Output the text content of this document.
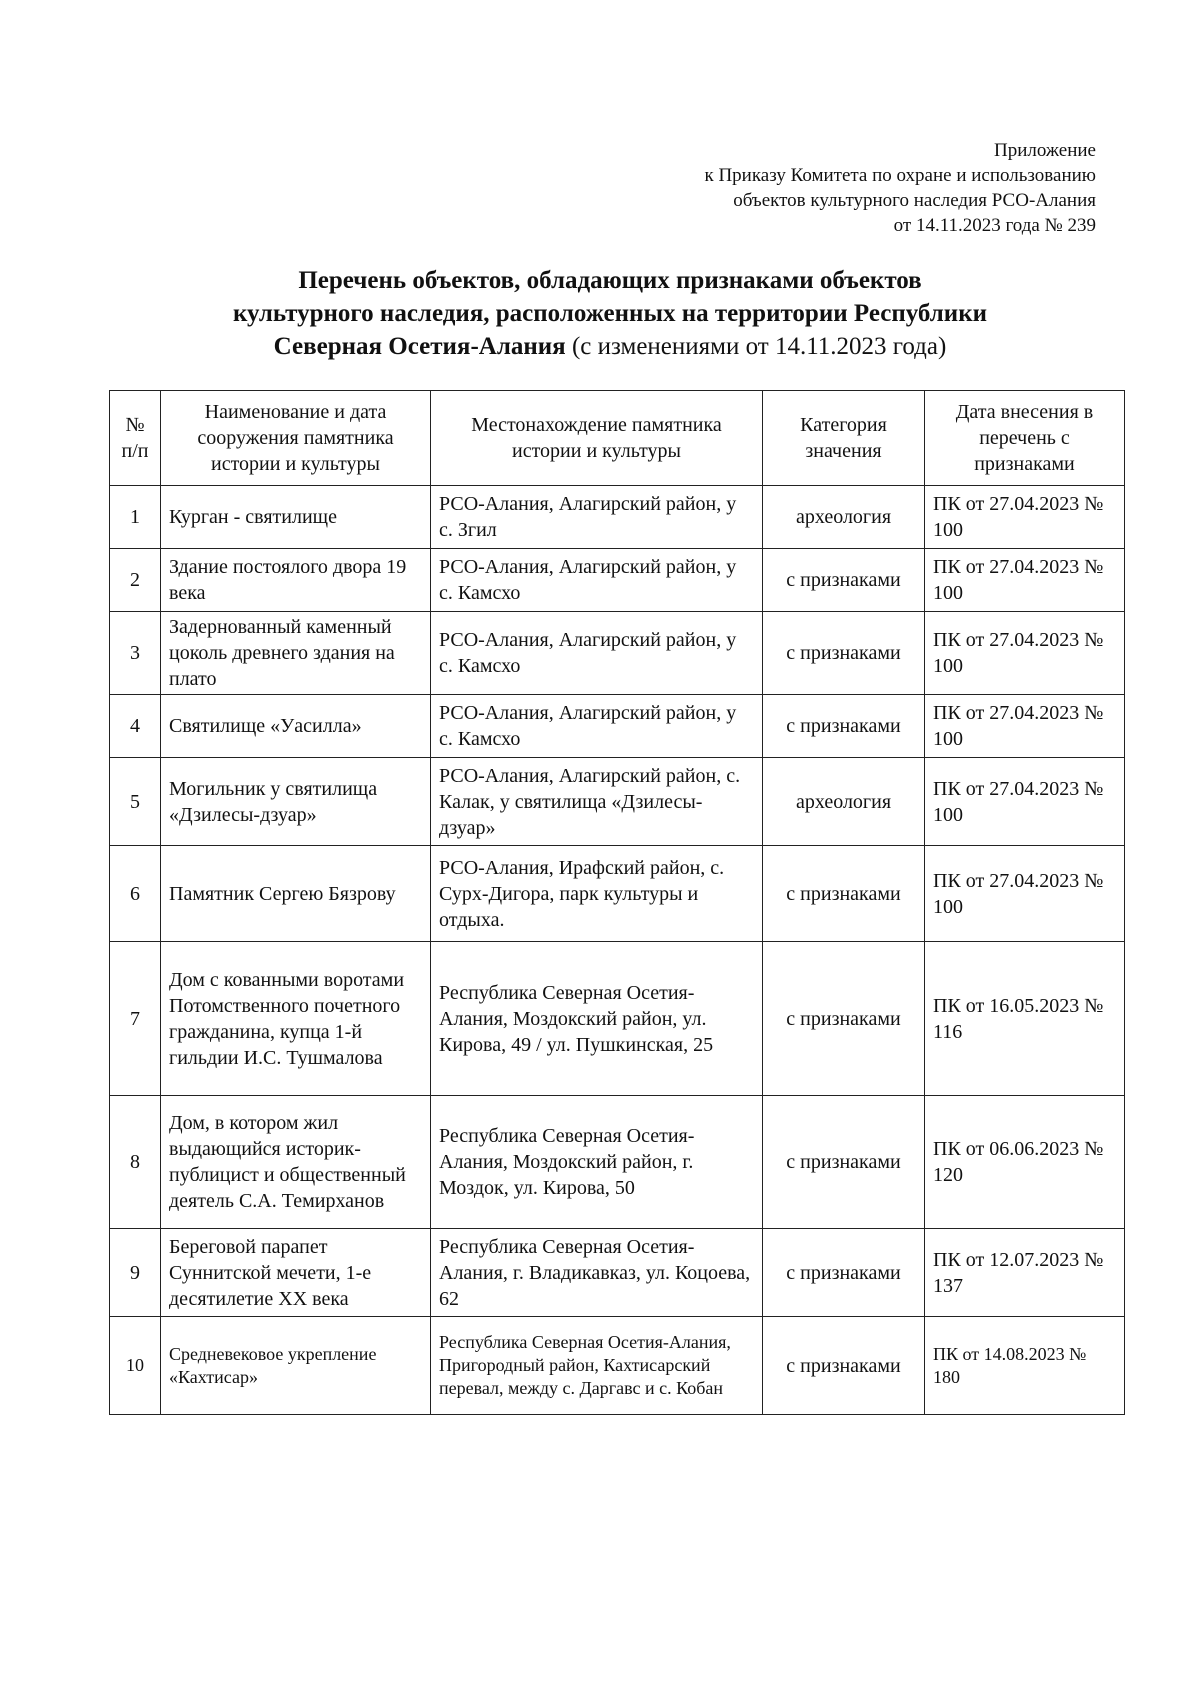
Приложение
к Приказу Комитета по охране и использованию
объектов культурного наследия РСО-Алания
от 14.11.2023 года № 239
Перечень объектов, обладающих признаками объектов
культурного наследия, расположенных на территории Республики
Северная Осетия-Алания (с изменениями от 14.11.2023 года)
№ п/п	Наименование и дата сооружения памятника истории и культуры	Местонахождение памятника истории и культуры	Категория значения	Дата внесения в перечень с признаками
1	Курган - святилище	РСО-Алания, Алагирский район, у с. Згил	археология	ПК от 27.04.2023 № 100
2	Здание постоялого двора 19 века	РСО-Алания, Алагирский район, у с. Камсхо	с признаками	ПК от 27.04.2023 № 100
3	Задернованный каменный цоколь древнего здания на плато	РСО-Алания, Алагирский район, у с. Камсхо	с признаками	ПК от 27.04.2023 № 100
4	Святилище «Уасилла»	РСО-Алания, Алагирский район, у с. Камсхо	с признаками	ПК от 27.04.2023 № 100
5	Могильник у святилища «Дзилесы-дзуар»	РСО-Алания, Алагирский район, с. Калак, у святилища «Дзилесы-дзуар»	археология	ПК от 27.04.2023 № 100
6	Памятник Сергею Бязрову	РСО-Алания, Ирафский район, с. Сурх-Дигора, парк культуры и отдыха.	с признаками	ПК от 27.04.2023 № 100
7	Дом с кованными воротами Потомственного почетного гражданина, купца 1-й гильдии И.С. Тушмалова	Республика Северная Осетия-Алания, Моздокский район, ул. Кирова, 49 / ул. Пушкинская, 25	с признаками	ПК от 16.05.2023 № 116
8	Дом, в котором жил выдающийся историк-публицист и общественный деятель С.А. Темирханов	Республика Северная Осетия-Алания, Моздокский район, г. Моздок, ул. Кирова, 50	с признаками	ПК от 06.06.2023 № 120
9	Береговой парапет Суннитской мечети, 1-е десятилетие XX века	Республика Северная Осетия-Алания, г. Владикавказ, ул. Коцоева, 62	с признаками	ПК от 12.07.2023 № 137
10	Средневековое укрепление «Кахтисар»	Республика Северная Осетия-Алания, Пригородный район, Кахтисарский перевал, между с. Даргавс и с. Кобан	с признаками	ПК от 14.08.2023 № 180
